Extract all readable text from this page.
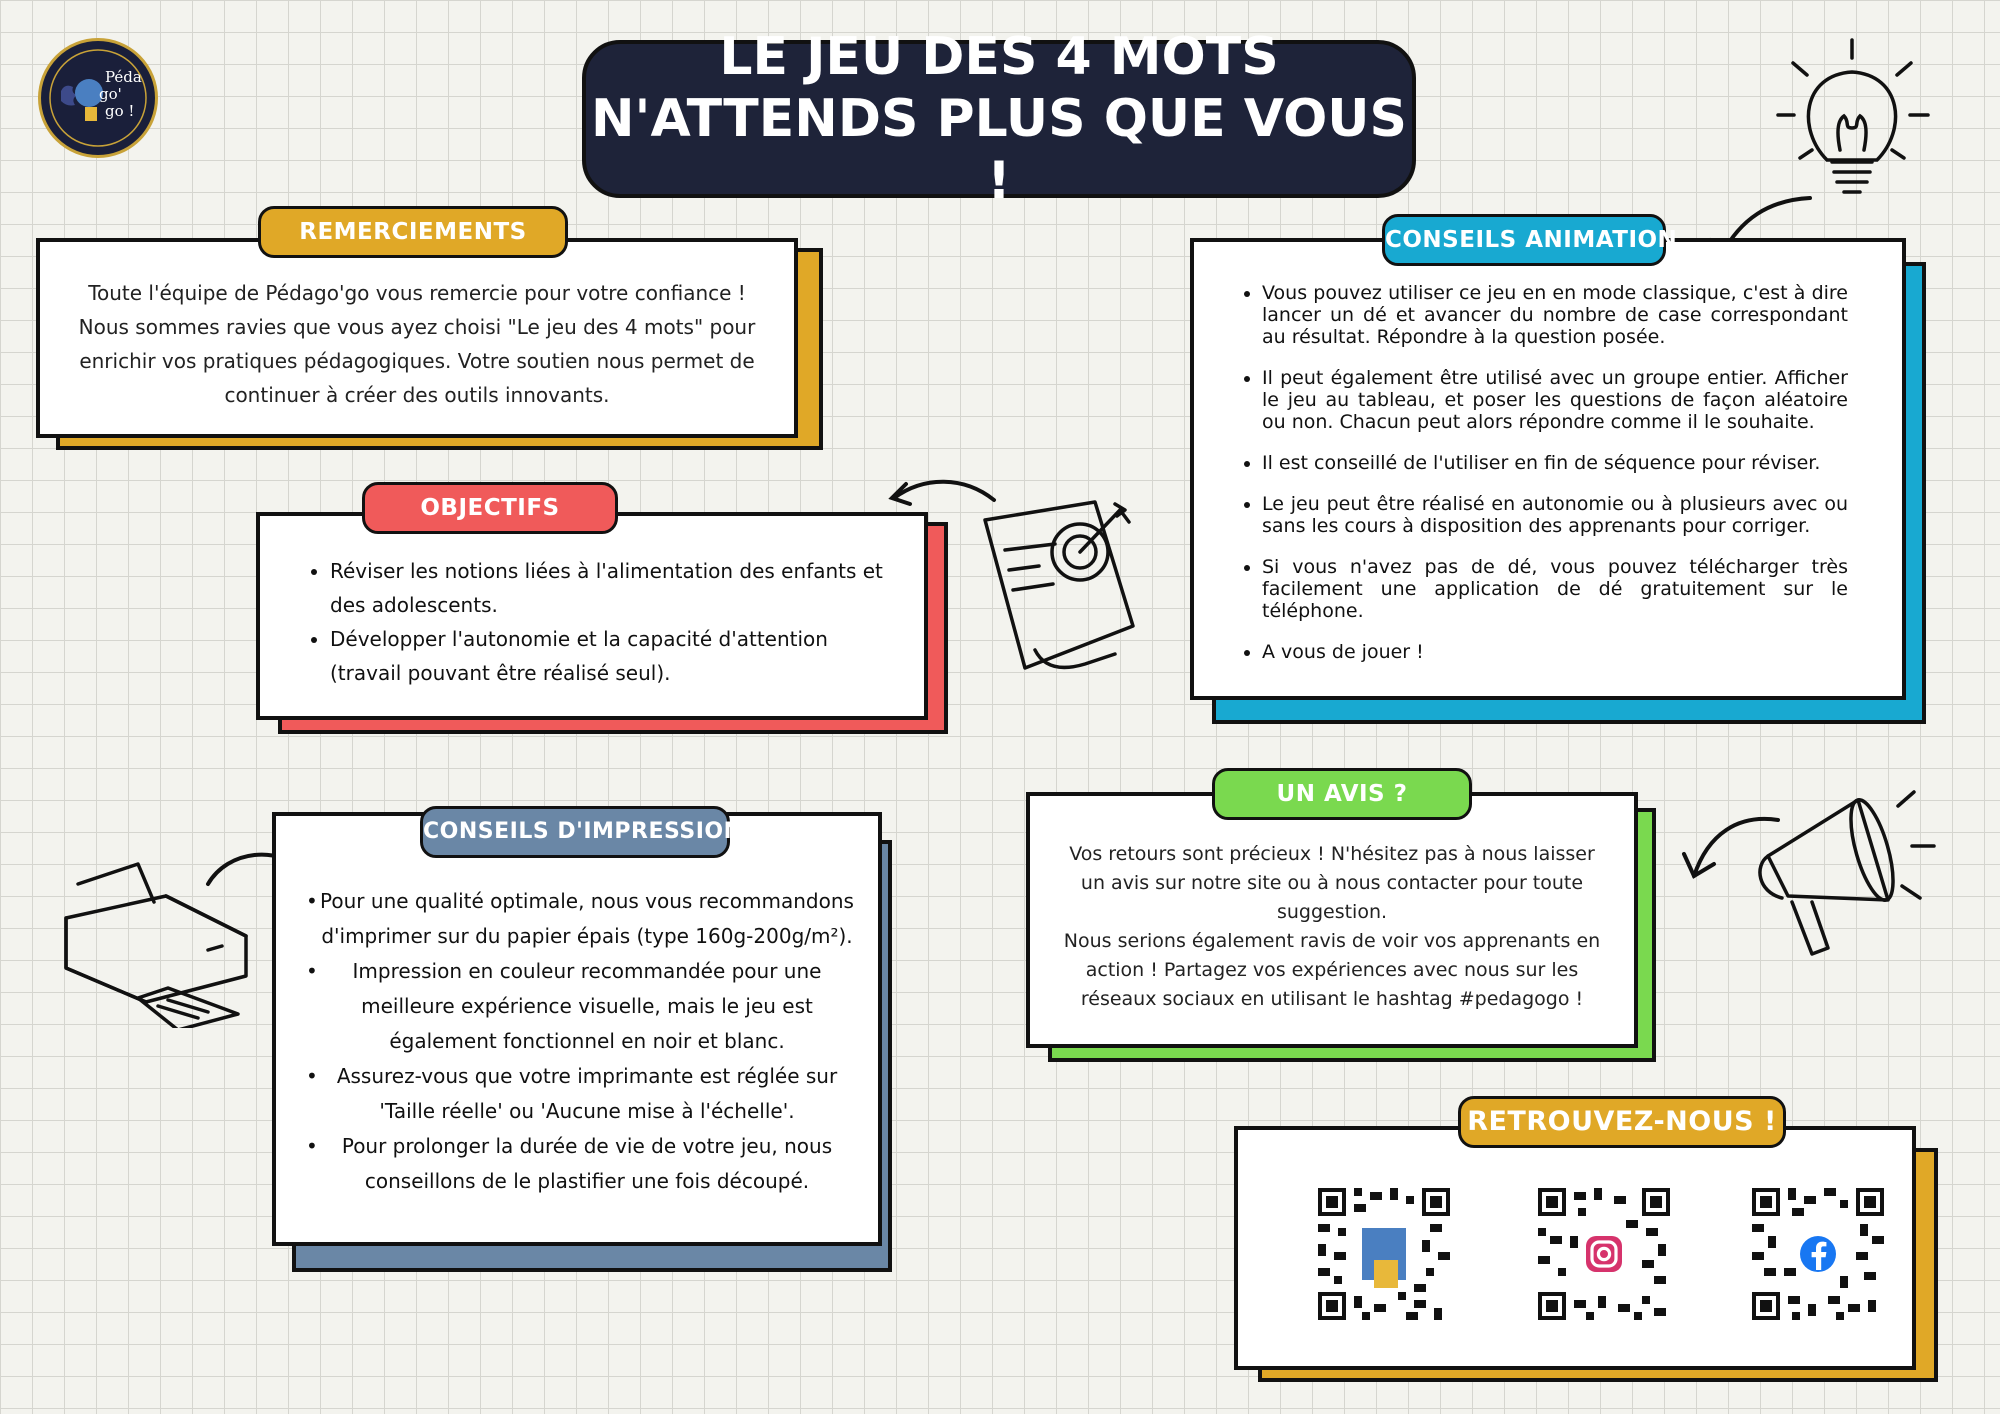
Péda
go'
go !
LE JEU DES 4 MOTS
N'ATTENDS PLUS QUE VOUS !
Toute l'équipe de Pédago'go vous remercie pour votre confiance !
Nous sommes ravies que vous ayez choisi "Le jeu des 4 mots" pour
enrichir vos pratiques pédagogiques. Votre soutien nous permet de
continuer à créer des outils innovants.
REMERCIEMENTS
• Réviser les notions liées à l'alimentation des enfants et des adolescents.
• Développer l'autonomie et la capacité d'attention (travail pouvant être réalisé seul).
OBJECTIFS
• Vous pouvez utiliser ce jeu en en mode classique, c'est à dire lancer un dé et avancer du nombre de case correspondant au résultat. Répondre à la question posée.
• Il peut également être utilisé avec un groupe entier. Afficher le jeu au tableau, et poser les questions de façon aléatoire ou non. Chacun peut alors répondre comme il le souhaite.
• Il est conseillé de l'utiliser en fin de séquence pour réviser.
• Le jeu peut être réalisé en autonomie ou à plusieurs avec ou sans les cours à disposition des apprenants pour corriger.
• Si vous n'avez pas de dé, vous pouvez télécharger très facilement une application de dé gratuitement sur le téléphone.
• A vous de jouer !
CONSEILS ANIMATION
• Pour une qualité optimale, nous vous recommandons d'imprimer sur du papier épais (type 160g-200g/m²).
• Impression en couleur recommandée pour une meilleure expérience visuelle, mais le jeu est également fonctionnel en noir et blanc.
• Assurez-vous que votre imprimante est réglée sur 'Taille réelle' ou 'Aucune mise à l'échelle'.
• Pour prolonger la durée de vie de votre jeu, nous conseillons de le plastifier une fois découpé.
CONSEILS D'IMPRESSION
Vos retours sont précieux ! N'hésitez pas à nous laisser
un avis sur notre site ou à nous contacter pour toute
suggestion.
Nous serions également ravis de voir vos apprenants en
action ! Partagez vos expériences avec nous sur les
réseaux sociaux en utilisant le hashtag #pedagogo !
UN AVIS ?
RETROUVEZ-NOUS !
